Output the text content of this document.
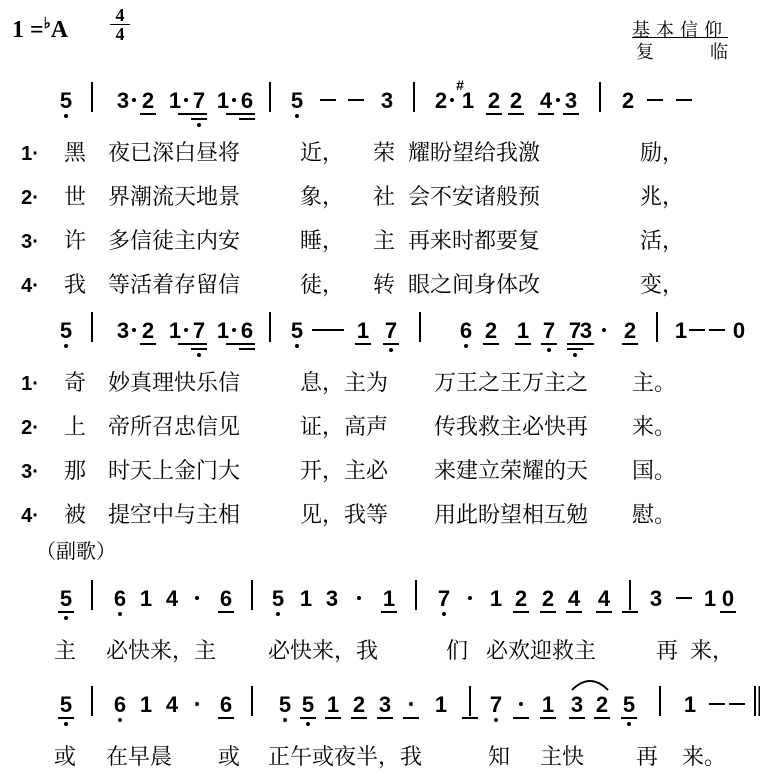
1 =♭A
4
4	基本信仰
复	临
5 3 2 1 7 1 6 5	3 2
#
1 2 2 4 3 2
1· 黑 夜已深白昼将	近， 荣 耀盼望给我激	励，
2· 世 界潮流天地景	象， 社 会不安诸般预	兆，
3· 许 多信徒主内安	睡， 主 再来时都要复	活，
4· 我 等活着存留信	徒， 转 眼之间身体改	变，
5 3 2 1 7 1 6 5 1 7	6 2 1 7 7
3 2 1 0
1· 奇 妙真理快乐信	息，主为 万王之王万主之 主。
2· 上 帝所召忠信见	证，高声 传我救主必快再 来。
3· 那 时天上金门大	开，主必 来建立荣耀的天 国。
4· 被 提空中与主相	见，我等 用此盼望相互勉 慰。
（副歌）
5 6 1 4 6 5 1 3 1 7 1 2 2 4 4 3 1 0
主 必快来，主 必快来，我	们 必欢迎救主	再 来，
5 6 1 4 6 5 5 1 2 3 1 7 1 3 2 5 1
或 在早晨 或 正午或夜半，我	知 主快 再 来。
